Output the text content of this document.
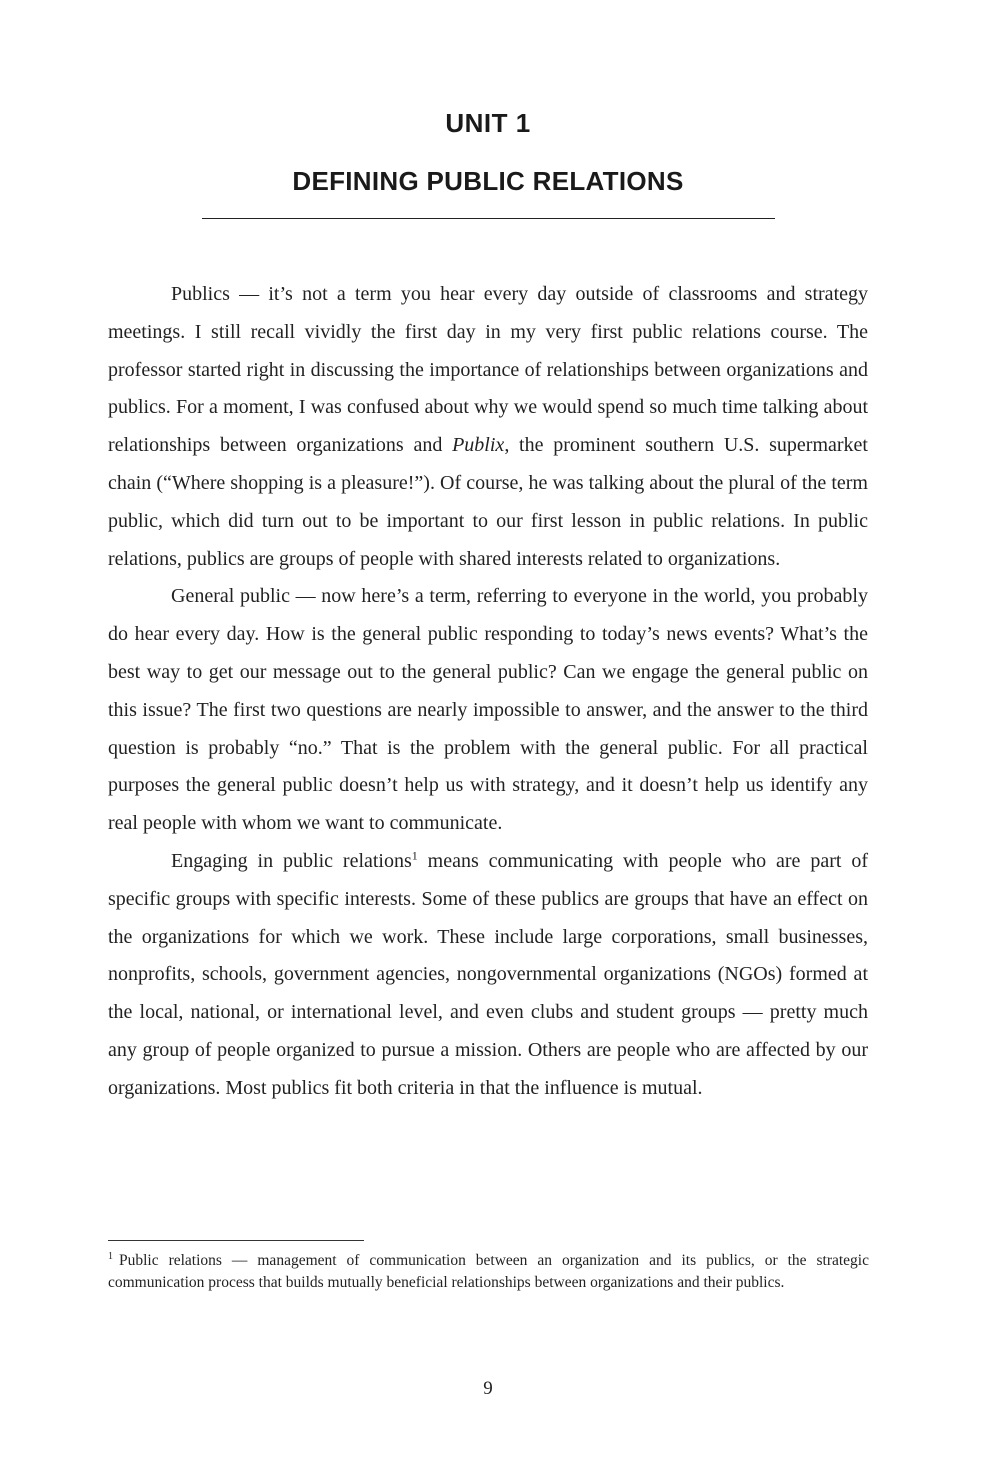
UNIT 1
DEFINING PUBLIC RELATIONS

Publics — it’s not a term you hear every day outside of classrooms and strategy meetings. I still recall vividly the first day in my very first public relations course. The professor started right in discussing the importance of relationships between organizations and publics. For a moment, I was confused about why we would spend so much time talking about relationships between organizations and Publix, the prominent southern U.S. supermarket chain (“Where shopping is a pleasure!”). Of course, he was talking about the plural of the term public, which did turn out to be important to our first lesson in public relations. In public relations, publics are groups of people with shared interests related to organizations.

General public — now here’s a term, referring to everyone in the world, you probably do hear every day. How is the general public responding to today’s news events? What’s the best way to get our message out to the general public? Can we engage the general public on this issue? The first two questions are nearly impossible to answer, and the answer to the third question is probably “no.” That is the problem with the general public. For all practical purposes the general public doesn’t help us with strategy, and it doesn’t help us identify any real people with whom we want to communicate.

Engaging in public relations$^1$ means communicating with people who are part of specific groups with specific interests. Some of these publics are groups that have an effect on the organizations for which we work. These include large corporations, small businesses, nonprofits, schools, government agencies, nongovernmental organizations (NGOs) formed at the local, national, or international level, and even clubs and student groups — pretty much any group of people organized to pursue a mission. Others are people who are affected by our organizations. Most publics fit both criteria in that the influence is mutual.

$^1$ Public relations — management of communication between an organization and its publics, or the strategic communication process that builds mutually beneficial relationships between organizations and their publics.
9
